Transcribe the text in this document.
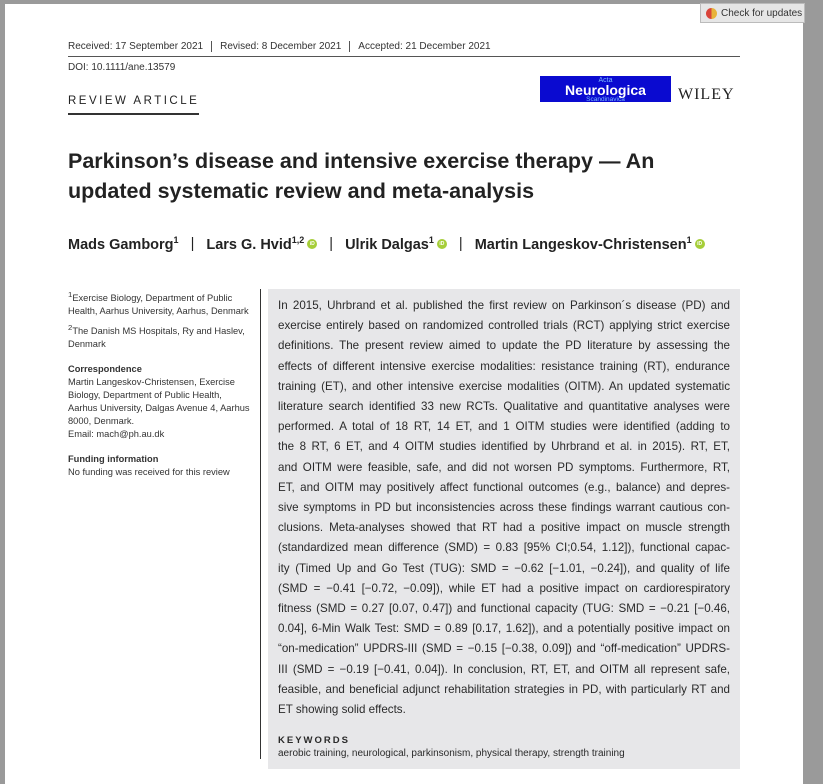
Check for updates
Received: 17 September 2021	Revised: 8 December 2021	Accepted: 21 December 2021
DOI: 10.1111/ane.13579
REVIEW ARTICLE
Acta
Neurologica
Scandinavica	WILEY
Parkinson’s disease and intensive exercise therapy — An updated systematic review and meta-analysis
Mads Gamborg$^1$ | Lars G. Hvid$^{1,2}$	iD | Ulrik Dalgas$^1$	iD | Martin Langeskov-Christensen$^1$	iD

$^1$Exercise Biology, Department of Public Health, Aarhus University, Aarhus, Denmark

$^2$The Danish MS Hospitals, Ry and Haslev, Denmark

Correspondence
Martin Langeskov-Christensen, Exercise Biology, Department of Public Health, Aarhus University, Dalgas Avenue 4, Aarhus 8000, Denmark.
Email: mach@ph.au.dk
Funding information
No funding was received for this review
In 2015, Uhrbrand et al. published the first review on Parkinson´s disease (PD) and
exercise entirely based on randomized controlled trials (RCT) applying strict exercise
definitions. The present review aimed to update the PD literature by assessing the
effects of different intensive exercise modalities: resistance training (RT), endurance
training (ET), and other intensive exercise modalities (OITM). An updated systematic
literature search identified 33 new RCTs. Qualitative and quantitative analyses were
performed. A total of 18 RT, 14 ET, and 1 OITM studies were identified (adding to
the 8 RT, 6 ET, and 4 OITM studies identified by Uhrbrand et al. in 2015). RT, ET,
and OITM were feasible, safe, and did not worsen PD symptoms. Furthermore, RT,
ET, and OITM may positively affect functional outcomes (e.g., balance) and depres-
sive symptoms in PD but inconsistencies across these findings warrant cautious con-
clusions. Meta-analyses showed that RT had a positive impact on muscle strength
(standardized mean difference (SMD) = 0.83 [95% CI;0.54, 1.12]), functional capac-
ity (Timed Up and Go Test (TUG): SMD = −0.62 [−1.01, −0.24]), and quality of life
(SMD = −0.41 [−0.72, −0.09]), while ET had a positive impact on cardiorespiratory
fitness (SMD = 0.27 [0.07, 0.47]) and functional capacity (TUG: SMD = −0.21 [−0.46,
0.04], 6-Min Walk Test: SMD = 0.89 [0.17, 1.62]), and a potentially positive impact on
“on-medication” UPDRS-III (SMD = −0.15 [−0.38, 0.09]) and “off-medication” UPDRS-
III (SMD = −0.19 [−0.41, 0.04]). In conclusion, RT, ET, and OITM all represent safe,
feasible, and beneficial adjunct rehabilitation strategies in PD, with particularly RT and
ET showing solid effects.
KEYWORDS
aerobic training, neurological, parkinsonism, physical therapy, strength training
